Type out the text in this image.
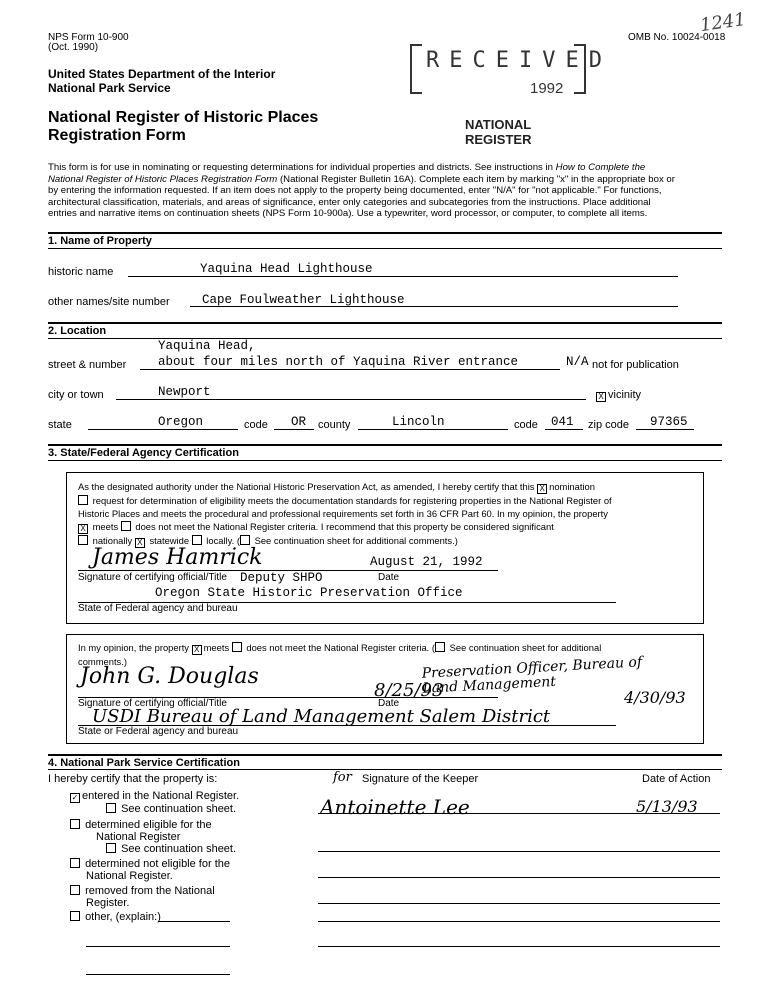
NPS Form 10-900
(Oct. 1990)
OMB No. 10024-0018
1241
United States Department of the Interior
National Park Service
National Register of Historic Places
Registration Form
RECEIVED
1992
NATIONAL
REGISTER
This form is for use in nominating or requesting determinations for individual properties and districts. See instructions in How to Complete the
National Register of Historic Places Registration Form (National Register Bulletin 16A). Complete each item by marking "x" in the appropriate box or
by entering the information requested. If an item does not apply to the property being documented, enter "N/A" for "not applicable." For functions,
architectural classification, materials, and areas of significance, enter only categories and subcategories from the instructions. Place additional
entries and narrative items on continuation sheets (NPS Form 10-900a). Use a typewriter, word processor, or computer, to complete all items.
1. Name of Property
historic name	Yaquina Head Lighthouse
other names/site number	Cape Foulweather Lighthouse
2. Location
Yaquina Head,
street & number	about four miles north of Yaquina River entrance	N/A not for publication
city or town	Newport	X vicinity
state	Oregon	code OR county	Lincoln	code 041 zip code 97365
3. State/Federal Agency Certification
As the designated authority under the National Historic Preservation Act, as amended, I hereby certify that this X nomination
request for determination of eligibility meets the documentation standards for registering properties in the National Register of
Historic Places and meets the procedural and professional requirements set forth in 36 CFR Part 60. In my opinion, the property
X meets does not meet the National Register criteria. I recommend that this property be considered significant
nationally X statewide locally. ( See continuation sheet for additional comments.)
James Hamrick	August 21, 1992
Signature of certifying official/Title Deputy SHPO	Date
Oregon State Historic Preservation Office
State of Federal agency and bureau
In my opinion, the property X meets does not meet the National Register criteria. ( See continuation sheet for additional
comments.)
John G. Douglas	Preservation Officer, Bureau of Land Management
8/25/93	4/30/93
Signature of certifying official/Title	Date
USDI Bureau of Land Management Salem District
State or Federal agency and bureau
4. National Park Service Certification
I hereby certify that the property is:	for Signature of the Keeper	Date of Action
✓ entered in the National Register.
See continuation sheet.	Antoinette Lee	5/13/93
determined eligible for the
National Register
See continuation sheet.
determined not eligible for the
National Register.
removed from the National
Register.
other, (explain:)
